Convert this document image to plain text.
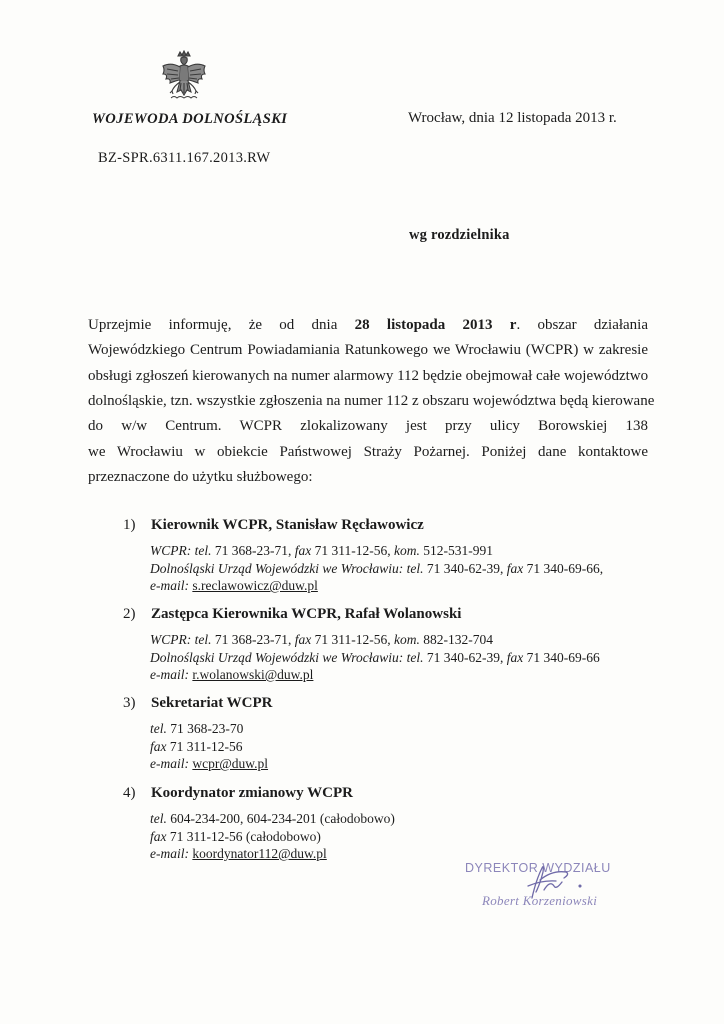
WOJEWODA DOLNOŚLĄSKI	Wrocław, dnia 12 listopada 2013 r.

BZ-SPR.6311.167.2013.RW

wg rozdzielnika

Uprzejmie informuję, że od dnia 28 listopada 2013 r. obszar działania
Wojewódzkiego Centrum Powiadamiania Ratunkowego we Wrocławiu (WCPR) w zakresie
obsługi zgłoszeń kierowanych na numer alarmowy 112 będzie obejmował całe województwo
dolnośląskie, tzn. wszystkie zgłoszenia na numer 112 z obszaru województwa będą kierowane
do w/w Centrum. WCPR zlokalizowany jest przy ulicy Borowskiej 138
we Wrocławiu w obiekcie Państwowej Straży Pożarnej. Poniżej dane kontaktowe
przeznaczone do użytku służbowego:
1) Kierownik WCPR, Stanisław Ręcławowicz
WCPR: tel. 71 368-23-71, fax 71 311-12-56, kom. 512-531-991
Dolnośląski Urząd Wojewódzki we Wrocławiu: tel. 71 340-62-39, fax 71 340-69-66,
e-mail: s.reclawowicz@duw.pl
2) Zastępca Kierownika WCPR, Rafał Wolanowski
WCPR: tel. 71 368-23-71, fax 71 311-12-56, kom. 882-132-704
Dolnośląski Urząd Wojewódzki we Wrocławiu: tel. 71 340-62-39, fax 71 340-69-66
e-mail: r.wolanowski@duw.pl
3) Sekretariat WCPR
tel. 71 368-23-70
fax 71 311-12-56
e-mail: wcpr@duw.pl
4) Koordynator zmianowy WCPR
tel. 604-234-200, 604-234-201 (całodobowo)
fax 71 311-12-56 (całodobowo)
e-mail: koordynator112@duw.pl

DYREKTOR WYDZIAŁU

Robert Korzeniowski
